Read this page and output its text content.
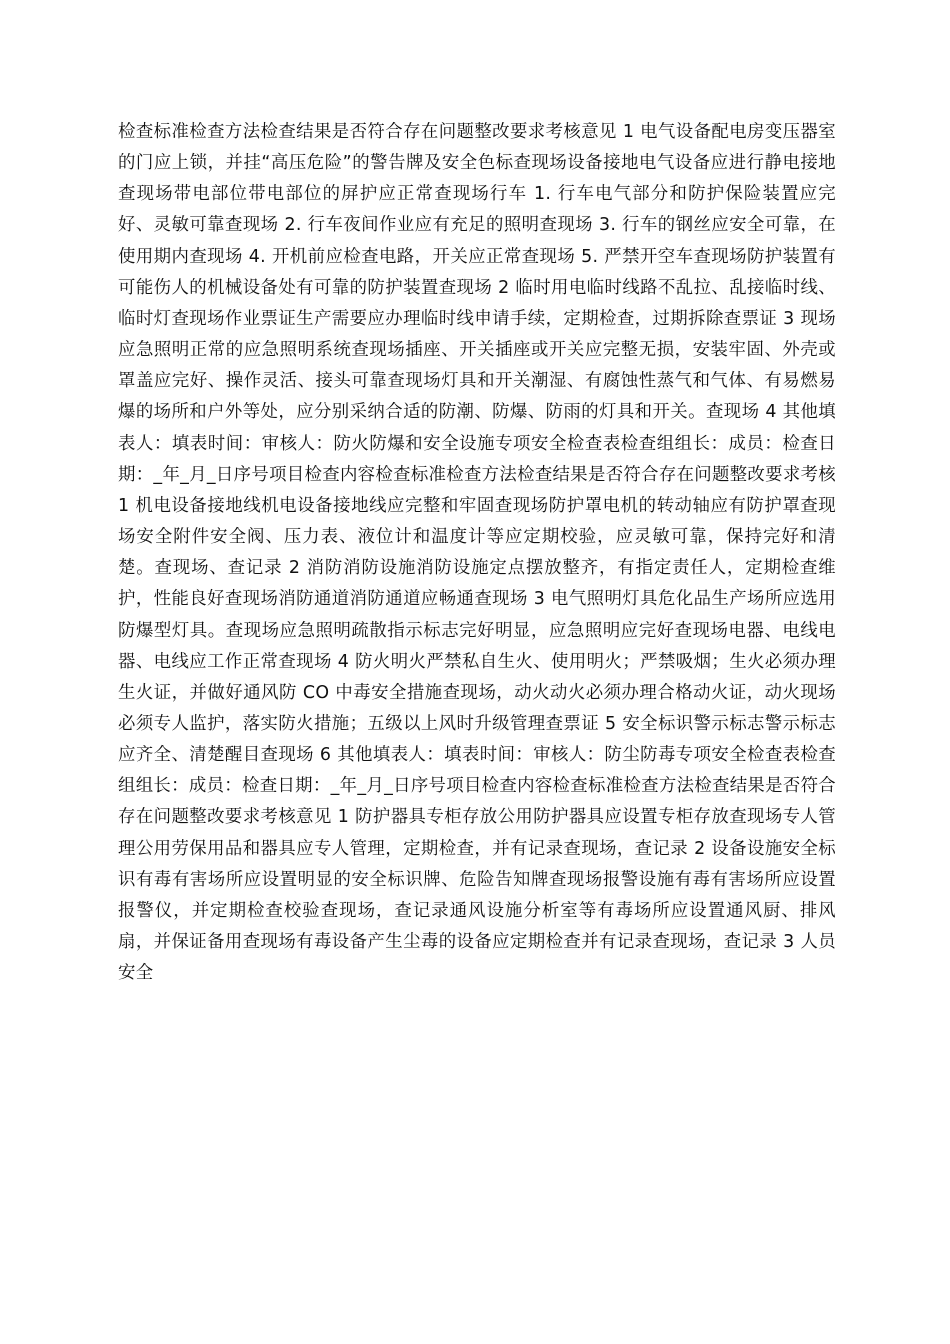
检查标准检查方法检查结果是否符合存在问题整改要求考核意见 1 电气设备配电房变压器室的门应上锁，并挂“高压危险”的警告牌及安全色标查现场设备接地电气设备应进行静电接地查现场带电部位带电部位的屏护应正常查现场行车 1. 行车电气部分和防护保险装置应完好、灵敏可靠查现场 2. 行车夜间作业应有充足的照明查现场 3. 行车的钢丝应安全可靠，在使用期内查现场 4. 开机前应检查电路，开关应正常查现场 5. 严禁开空车查现场防护装置有可能伤人的机械设备处有可靠的防护装置查现场 2 临时用电临时线路不乱拉、乱接临时线、临时灯查现场作业票证生产需要应办理临时线申请手续，定期检查，过期拆除查票证 3 现场应急照明正常的应急照明系统查现场插座、开关插座或开关应完整无损，安装牢固、外壳或罩盖应完好、操作灵活、接头可靠查现场灯具和开关潮湿、有腐蚀性蒸气和气体、有易燃易爆的场所和户外等处，应分别采纳合适的防潮、防爆、防雨的灯具和开关。查现场 4 其他填表人：填表时间：审核人：防火防爆和安全设施专项安全检查表检查组组长：成员：检查日期：_年_月_日序号项目检查内容检查标准检查方法检查结果是否符合存在问题整改要求考核 1 机电设备接地线机电设备接地线应完整和牢固查现场防护罩电机的转动轴应有防护罩查现场安全附件安全阀、压力表、液位计和温度计等应定期校验，应灵敏可靠，保持完好和清楚。查现场、查记录 2 消防消防设施消防设施定点摆放整齐，有指定责任人，定期检查维护，性能良好查现场消防通道消防通道应畅通查现场 3 电气照明灯具危化品生产场所应选用防爆型灯具。查现场应急照明疏散指示标志完好明显，应急照明应完好查现场电器、电线电器、电线应工作正常查现场 4 防火明火严禁私自生火、使用明火；严禁吸烟；生火必须办理生火证，并做好通风防 CO 中毒安全措施查现场，动火动火必须办理合格动火证，动火现场必须专人监护，落实防火措施；五级以上风时升级管理查票证 5 安全标识警示标志警示标志应齐全、清楚醒目查现场 6 其他填表人：填表时间：审核人：防尘防毒专项安全检查表检查组组长：成员：检查日期：_年_月_日序号项目检查内容检查标准检查方法检查结果是否符合存在问题整改要求考核意见 1 防护器具专柜存放公用防护器具应设置专柜存放查现场专人管理公用劳保用品和器具应专人管理，定期检查，并有记录查现场，查记录 2 设备设施安全标识有毒有害场所应设置明显的安全标识牌、危险告知牌查现场报警设施有毒有害场所应设置报警仪，并定期检查校验查现场，查记录通风设施分析室等有毒场所应设置通风厨、排风扇，并保证备用查现场有毒设备产生尘毒的设备应定期检查并有记录查现场，查记录 3 人员安全
